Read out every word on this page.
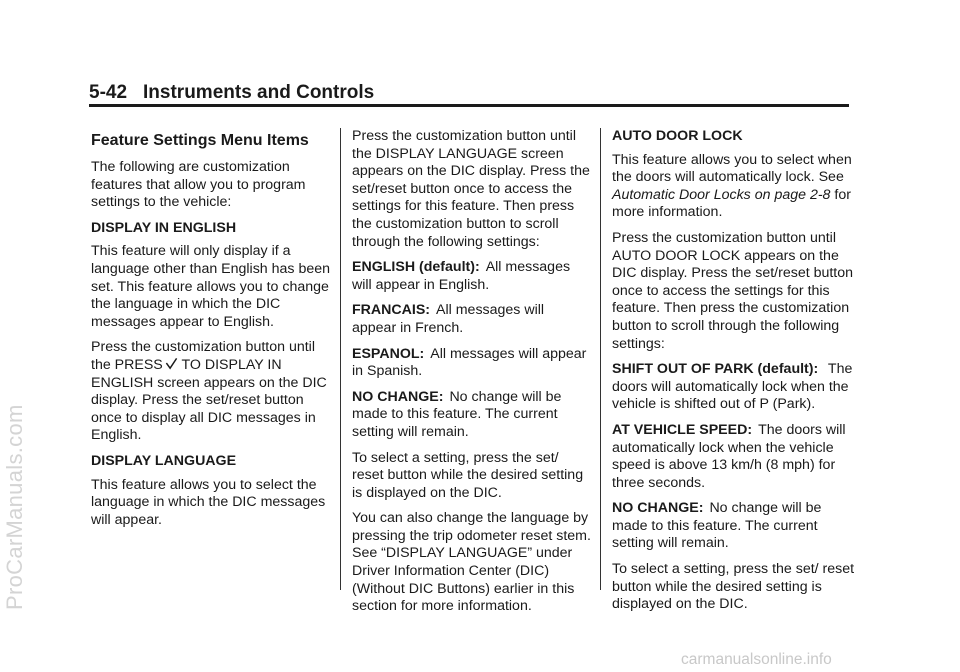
5-42 Instruments and Controls
Feature Settings Menu Items

The following are customization features that allow you to program settings to the vehicle:

DISPLAY IN ENGLISH

This feature will only display if a language other than English has been set. This feature allows you to change the language in which the DIC messages appear to English.

Press the customization button until the PRESS TO DISPLAY IN ENGLISH screen appears on the DIC display. Press the set/reset button once to display all DIC messages in English.

DISPLAY LANGUAGE

This feature allows you to select the language in which the DIC messages will appear.

Press the customization button until the DISPLAY LANGUAGE screen appears on the DIC display. Press the set/reset button once to access the settings for this feature. Then press the customization button to scroll through the following settings:

ENGLISH (default): All messages will appear in English.

FRANCAIS: All messages will appear in French.

ESPANOL: All messages will appear in Spanish.

NO CHANGE: No change will be made to this feature. The current setting will remain.

To select a setting, press the set/ reset button while the desired setting is displayed on the DIC.

You can also change the language by pressing the trip odometer reset stem. See “DISPLAY LANGUAGE” under Driver Information Center (DIC) (Without DIC Buttons) earlier in this section for more information.

AUTO DOOR LOCK

This feature allows you to select when the doors will automatically lock. See Automatic Door Locks on page 2-8 for more information.

Press the customization button until AUTO DOOR LOCK appears on the DIC display. Press the set/reset button once to access the settings for this feature. Then press the customization button to scroll through the following settings:

SHIFT OUT OF PARK (default): The doors will automatically lock when the vehicle is shifted out of P (Park).

AT VEHICLE SPEED: The doors will automatically lock when the vehicle speed is above 13 km/h (8 mph) for three seconds.

NO CHANGE: No change will be made to this feature. The current setting will remain.

To select a setting, press the set/ reset button while the desired setting is displayed on the DIC.

ProCarManuals.com
carmanualsonline.info
